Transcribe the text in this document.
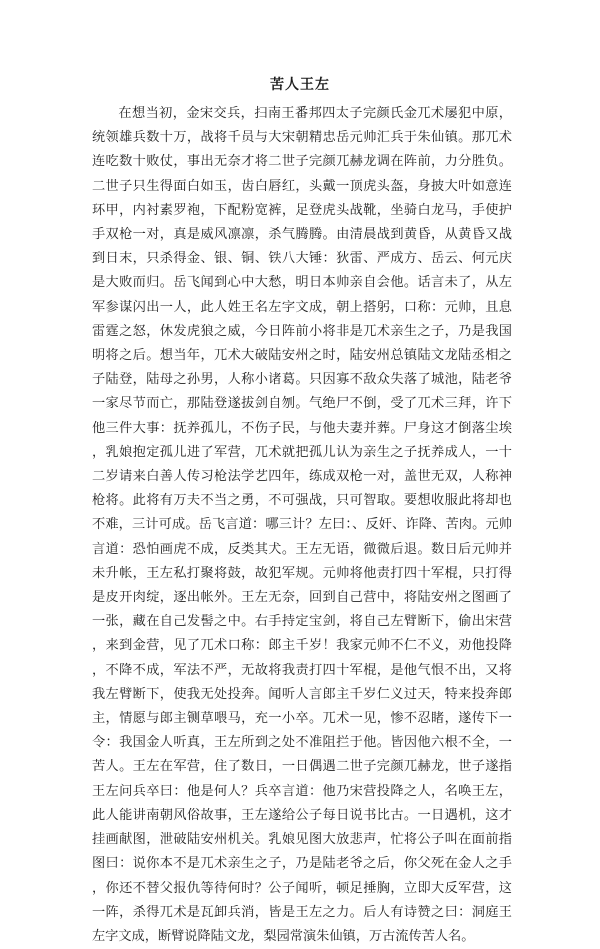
苦人王左

在想当初，金宋交兵，扫南王番邦四太子完颜氏金兀术屡犯中原，统领雄兵数十万，战将千员与大宋朝精忠岳元帅汇兵于朱仙镇。那兀术连吃数十败仗，事出无奈才将二世子完颜兀赫龙调在阵前，力分胜负。二世子只生得面白如玉，齿白唇红，头戴一顶虎头盔，身披大叶如意连环甲，内衬素罗袍，下配粉宽裤，足登虎头战靴，坐骑白龙马，手使护手双枪一对，真是威风凛凛，杀气腾腾。由清晨战到黄昏，从黄昏又战到日末，只杀得金、银、铜、铁八大锤：狄雷、严成方、岳云、何元庆是大败而归。岳飞闻到心中大愁，明日本帅亲自会他。话言未了，从左军参谋闪出一人，此人姓王名左字文成，朝上搭躬，口称：元帅，且息雷霆之怒，休发虎狼之威，今日阵前小将非是兀术亲生之子，乃是我国明将之后。想当年，兀术大破陆安州之时，陆安州总镇陆文龙陆丞相之子陆登，陆母之孙男，人称小诸葛。只因寡不敌众失落了城池，陆老爷一家尽节而亡，那陆登遂拔剑自刎。气绝尸不倒，受了兀术三拜，许下他三件大事：抚养孤儿，不伤子民，与他夫妻并葬。尸身这才倒落尘埃，乳娘抱定孤儿进了军营，兀术就把孤儿认为亲生之子抚养成人，一十二岁请来白善人传习枪法学艺四年，练成双枪一对，盖世无双，人称神枪将。此将有万夫不当之勇，不可强战，只可智取。要想收服此将却也不难，三计可成。岳飞言道：哪三计？左曰：、反奸、诈降、苦肉。元帅言道：恐怕画虎不成，反类其犬。王左无语，微微后退。数日后元帅并未升帐，王左私打聚将鼓，故犯军规。元帅将他责打四十军棍，只打得是皮开肉绽，逐出帐外。王左无奈，回到自己营中，将陆安州之图画了一张，藏在自己发髻之中。右手持定宝剑，将自己左臂断下，偷出宋营，来到金营，见了兀术口称：郎主千岁！我家元帅不仁不义，劝他投降，不降不成，军法不严，无故将我责打四十军棍，是他气恨不出，又将我左臂断下，使我无处投奔。闻听人言郎主千岁仁义过天，特来投奔郎主，情愿与郎主铡草喂马，充一小卒。兀术一见，惨不忍睹，遂传下一令：我国金人听真，王左所到之处不准阻拦于他。皆因他六根不全，一苦人。王左在军营，住了数日，一日偶遇二世子完颜兀赫龙，世子遂指王左问兵卒曰：他是何人？兵卒言道：他乃宋营投降之人，名唤王左，此人能讲南朝风俗故事，王左遂给公子每日说书比古。一日遇机，这才挂画献图，泄破陆安州机关。乳娘见图大放悲声，忙将公子叫在面前指图曰：说你本不是兀术亲生之子，乃是陆老爷之后，你父死在金人之手，你还不替父报仇等待何时？公子闻听，顿足捶胸，立即大反军营，这一阵，杀得兀术是瓦卸兵消，皆是王左之力。后人有诗赞之曰：洞庭王左字文成，断臂说降陆文龙，梨园常演朱仙镇，万古流传苦人名。
